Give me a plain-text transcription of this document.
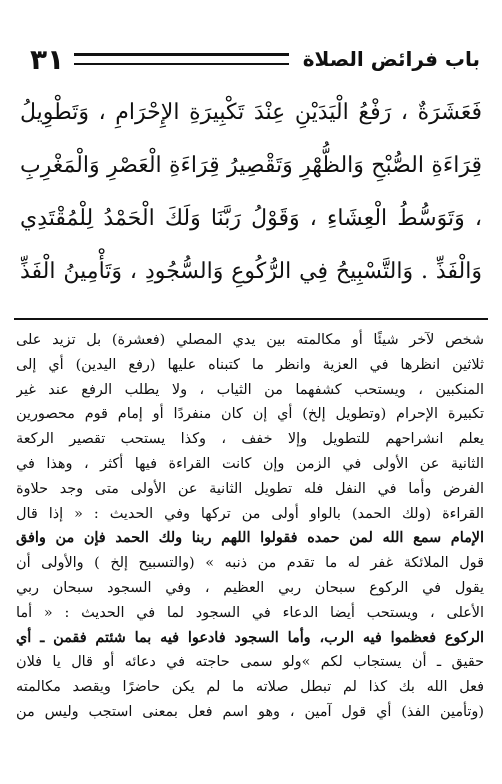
باب فرائض الصلاة
٣١
فَعَشَرَةٌ ، رَفْعُ الْيَدَيْنِ عِنْدَ تَكْبِيرَةِ الإِحْرَامِ ، وَتَطْوِيلُ قِرَاءَةِ الصُّبْحِ وَالظُّهْرِ وَتَقْصِيرُ قِرَاءَةِ الْعَصْرِ وَالْمَغْرِبِ ، وَتَوَسُّطُ الْعِشَاءِ ، وَقَوْلُ رَبَّنَا وَلَكَ الْحَمْدُ لِلْمُقْتَدِي وَالْفَذِّ . وَالتَّسْبِيحُ فِي الرُّكُوعِ وَالسُّجُودِ ، وَتَأْمِينُ الْفَذِّ
شخص لآخر شيئًا أو مكالمته بين يدي المصلي (فعشرة) بل تزيد على
ثلاثين انظرها في العزية وانظر ما كتبناه عليها (رفع اليدين) أي إلى
المنكبين ، ويستحب كشفهما من الثياب ، ولا يطلب الرفع عند غير
تكبيرة الإحرام (وتطويل إلخ) أي إن كان منفردًا أو إمام قوم محصورين
يعلم انشراحهم للتطويل وإلا خفف ، وكذا يستحب تقصير الركعة
الثانية عن الأولى في الزمن وإن كانت القراءة فيها أكثر ، وهذا في
الفرض وأما في النفل فله تطويل الثانية عن الأولى متى وجد حلاوة
القراءة (ولك الحمد) بالواو أولى من تركها وفي الحديث : « إذا قال
الإمام سمع الله لمن حمده فقولوا اللهم ربنا ولك الحمد فإن من وافق
قول الملائكة غفر له ما تقدم من ذنبه » (والتسبيح إلخ ) والأولى أن
يقول في الركوع سبحان ربي العظيم ، وفي السجود سبحان ربي
الأعلى ، ويستحب أيضا الدعاء في السجود لما في الحديث : « أما
الركوع فعظموا فيه الرب، وأما السجود فادعوا فيه بما شئتم فقمن ـ أي
حقيق ـ أن يستجاب لكم »ولو سمى حاجته في دعائه أو قال يا فلان
فعل الله بك كذا لم تبطل صلاته ما لم يكن حاضرًا ويقصد مكالمته
(وتأمين الفذ) أي قول آمين ، وهو اسم فعل بمعنى استجب وليس من
